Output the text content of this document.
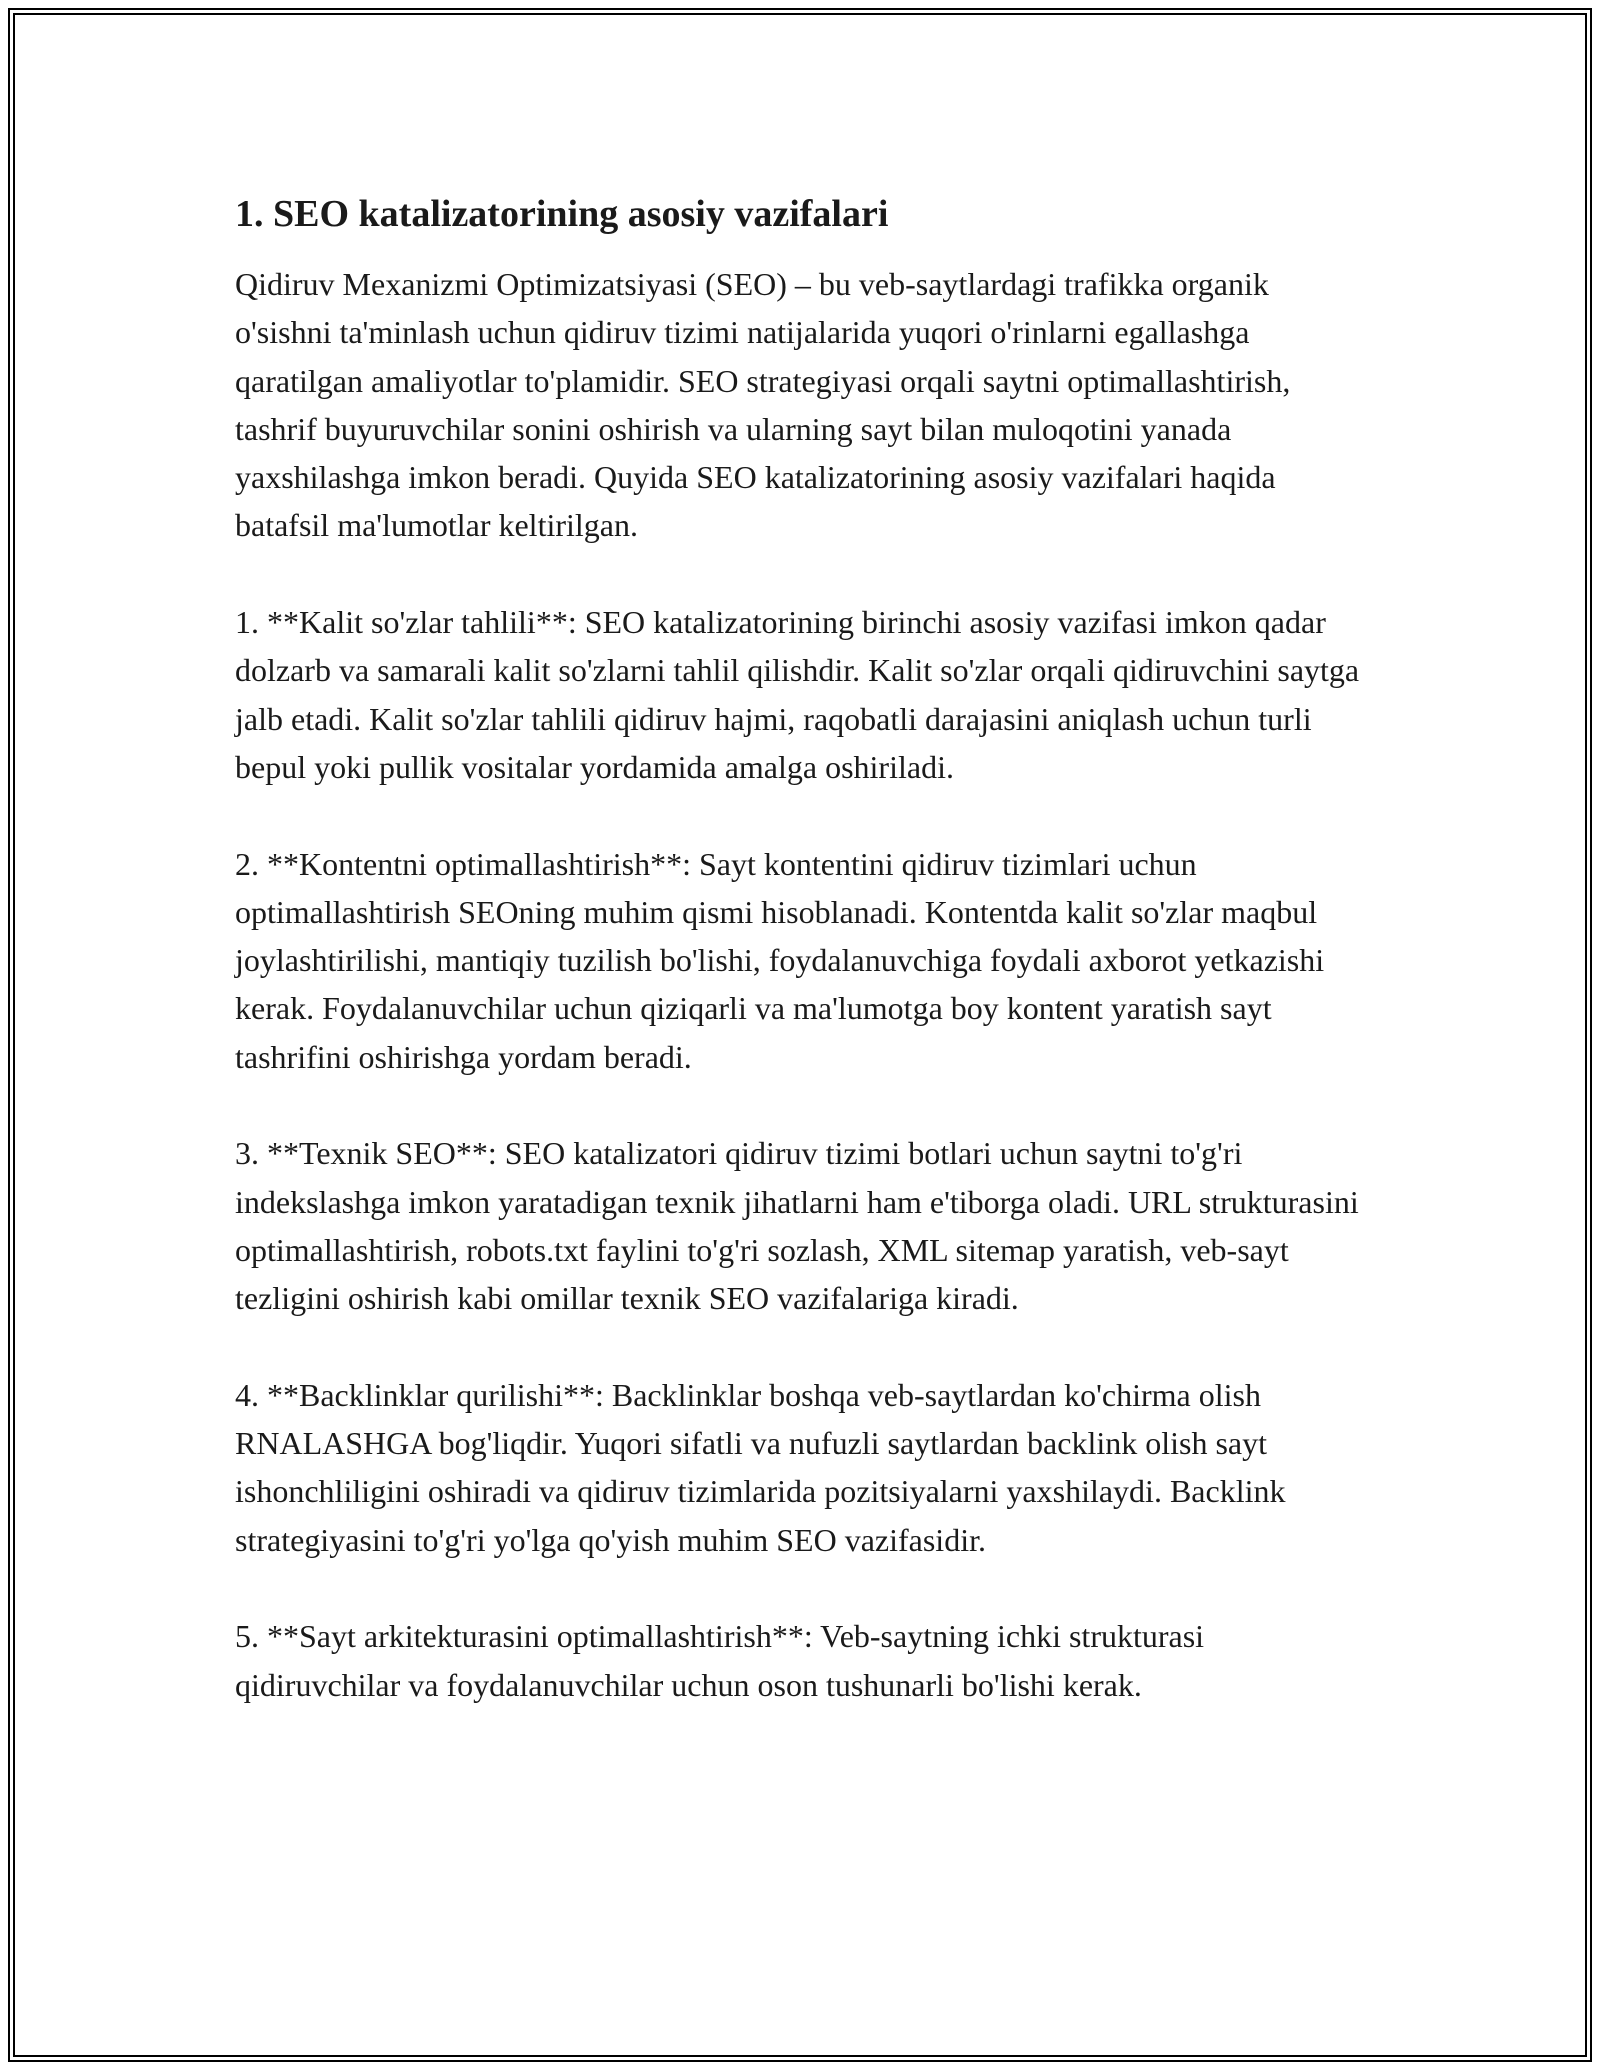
1. SEO katalizatorining asosiy vazifalari

Qidiruv Mexanizmi Optimizatsiyasi (SEO) – bu veb-saytlardagi trafikka organik o'sishni ta'minlash uchun qidiruv tizimi natijalarida yuqori o'rinlarni egallashga qaratilgan amaliyotlar to'plamidir. SEO strategiyasi orqali saytni optimallashtirish, tashrif buyuruvchilar sonini oshirish va ularning sayt bilan muloqotini yanada yaxshilashga imkon beradi. Quyida SEO katalizatorining asosiy vazifalari haqida batafsil ma'lumotlar keltirilgan.

1. **Kalit so'zlar tahlili**: SEO katalizatorining birinchi asosiy vazifasi imkon qadar dolzarb va samarali kalit so'zlarni tahlil qilishdir. Kalit so'zlar orqali qidiruvchini saytga jalb etadi. Kalit so'zlar tahlili qidiruv hajmi, raqobatli darajasini aniqlash uchun turli bepul yoki pullik vositalar yordamida amalga oshiriladi.

2. **Kontentni optimallashtirish**: Sayt kontentini qidiruv tizimlari uchun optimallashtirish SEOning muhim qismi hisoblanadi. Kontentda kalit so'zlar maqbul joylashtirilishi, mantiqiy tuzilish bo'lishi, foydalanuvchiga foydali axborot yetkazishi kerak. Foydalanuvchilar uchun qiziqarli va ma'lumotga boy kontent yaratish sayt tashrifini oshirishga yordam beradi.

3. **Texnik SEO**: SEO katalizatori qidiruv tizimi botlari uchun saytni to'g'ri indekslashga imkon yaratadigan texnik jihatlarni ham e'tiborga oladi. URL strukturasini optimallashtirish, robots.txt faylini to'g'ri sozlash, XML sitemap yaratish, veb-sayt tezligini oshirish kabi omillar texnik SEO vazifalariga kiradi.

4. **Backlinklar qurilishi**: Backlinklar boshqa veb-saytlardan ko'chirma olish RNALASHGA bog'liqdir. Yuqori sifatli va nufuzli saytlardan backlink olish sayt ishonchliligini oshiradi va qidiruv tizimlarida pozitsiyalarni yaxshilaydi. Backlink strategiyasini to'g'ri yo'lga qo'yish muhim SEO vazifasidir.

5. **Sayt arkitekturasini optimallashtirish**: Veb-saytning ichki strukturasi qidiruvchilar va foydalanuvchilar uchun oson tushunarli bo'lishi kerak.
